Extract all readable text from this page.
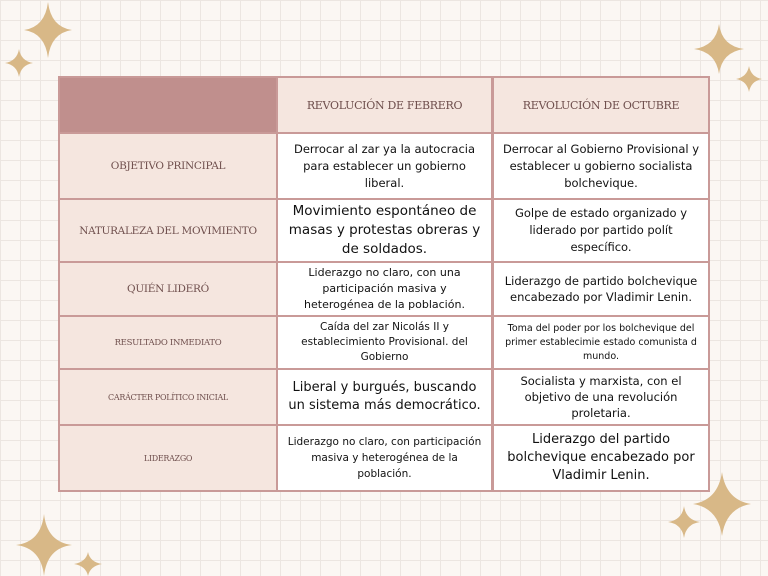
REVOLUCIÓN DE FEBRERO	REVOLUCIÓN DE OCTUBRE
OBJETIVO PRINCIPAL
Derrocar al zar ya la autocracia para establecer un gobierno liberal.
Derrocar al Gobierno Provisional y establecer u gobierno socialista bolchevique.
NATURALEZA DEL MOVIMIENTO
Movimiento espontáneo de masas y protestas obreras y de soldados.
Golpe de estado organizado y liderado por partido polít específico.
QUIÉN LIDERÓ
Liderazgo no claro, con una participación masiva y heterogénea de la población.
Liderazgo de partido bolchevique encabezado por Vladimir Lenin.
RESULTADO INMEDIATO
Caída del zar Nicolás II y establecimiento Provisional. del Gobierno
Toma del poder por los bolchevique del primer establecimie estado comunista d mundo.
CARÁCTER POLÍTICO INICIAL
Liberal y burgués, buscando un sistema más democrático.
Socialista y marxista, con el objetivo de una revolución proletaria.
LIDERAZGO
Liderazgo no claro, con participación masiva y heterogénea de la población.
Liderazgo del partido bolchevique encabezado por Vladimir Lenin.
